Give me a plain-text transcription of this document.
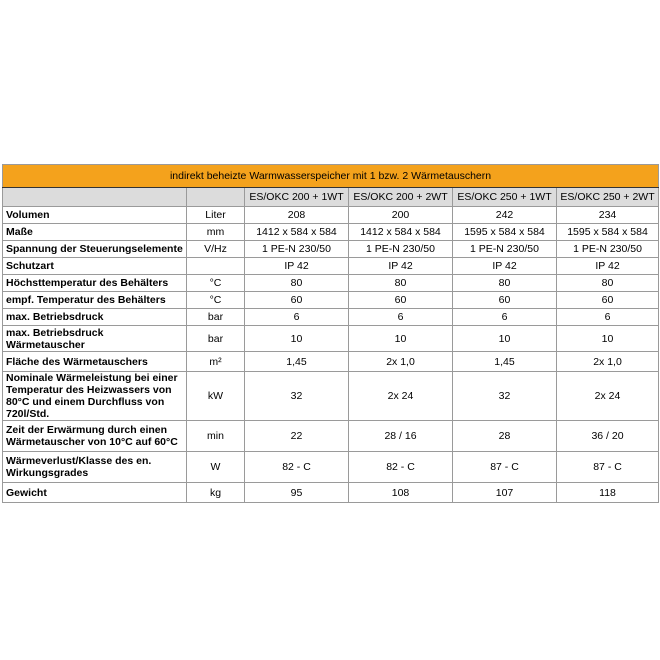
indirekt beheizte Warmwasserspeicher mit 1 bzw. 2 Wärmetauschern					
		ES/OKC 200 + 1WT	ES/OKC 200 + 2WT	ES/OKC 250 + 1WT	ES/OKC 250 + 2WT
Volumen	Liter	208	200	242	234
Maße	mm	1412 x 584 x 584	1412 x 584 x 584	1595 x 584 x 584	1595 x 584 x 584
Spannung der Steuerungselemente	V/Hz	1 PE-N 230/50	1 PE-N 230/50	1 PE-N 230/50	1 PE-N 230/50
Schutzart		IP 42	IP 42	IP 42	IP 42
Höchsttemperatur des Behälters	°C	80	80	80	80
empf. Temperatur des Behälters	°C	60	60	60	60
max. Betriebsdruck	bar	6	6	6	6
max. Betriebsdruck Wärmetauscher	bar	10	10	10	10
Fläche des Wärmetauschers	m²	1,45	2x 1,0	1,45	2x 1,0
Nominale Wärmeleistung bei einer Temperatur des Heizwassers von 80°C und einem Durchfluss von 720l/Std.	kW	32	2x 24	32	2x 24
Zeit der Erwärmung durch einen Wärmetauscher von 10°C auf 60°C	min	22	28 / 16	28	36 / 20
Wärmeverlust/Klasse des en. Wirkungsgrades	W	82 - C	82 - C	87 - C	87 - C
Gewicht	kg	95	108	107	118
